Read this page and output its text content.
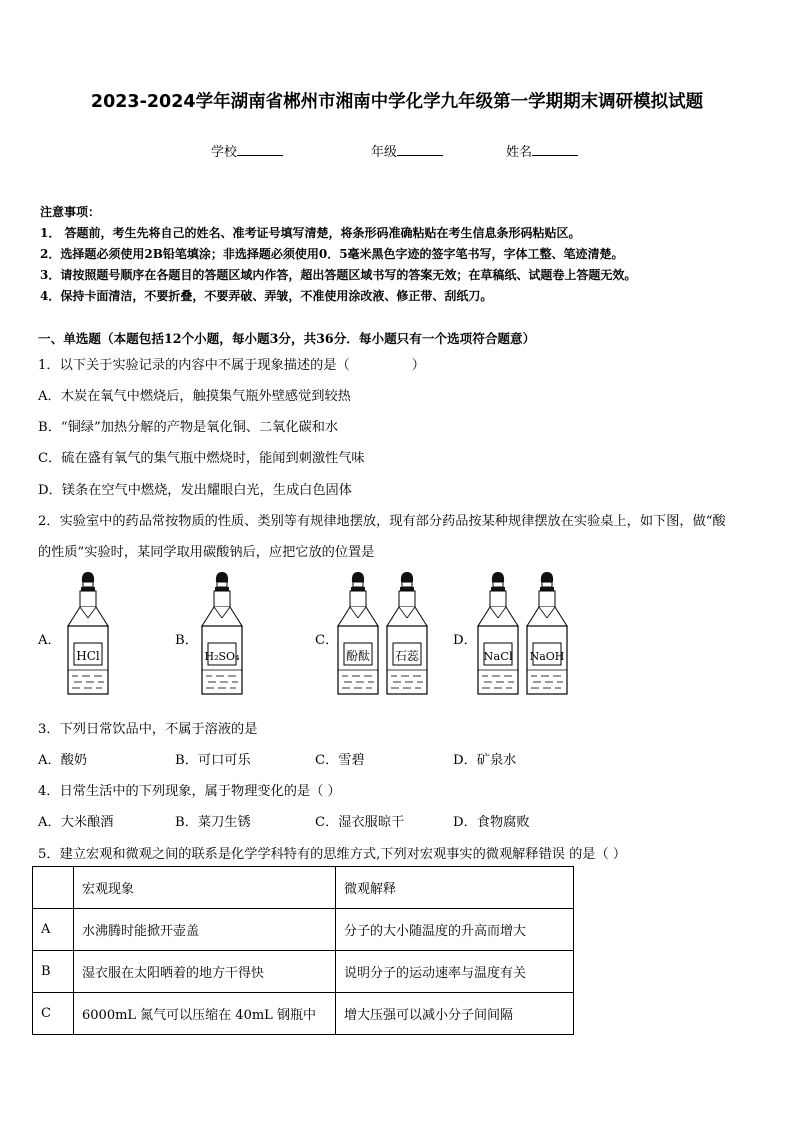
2023-2024学年湖南省郴州市湘南中学化学九年级第一学期期末调研模拟试题
学校	年级	姓名
注意事项：
1． 答题前，考生先将自己的姓名、准考证号填写清楚，将条形码准确粘贴在考生信息条形码粘贴区。
2．选择题必须使用2B铅笔填涂；非选择题必须使用0．5毫米黑色字迹的签字笔书写，字体工整、笔迹清楚。
3．请按照题号顺序在各题目的答题区域内作答，超出答题区域书写的答案无效；在草稿纸、试题卷上答题无效。
4．保持卡面清洁，不要折叠，不要弄破、弄皱，不准使用涂改液、修正带、刮纸刀。
一、单选题（本题包括12个小题，每小题3分，共36分．每小题只有一个选项符合题意）
1．以下关于实验记录的内容中不属于现象描述的是（	）
A．木炭在氧气中燃烧后，触摸集气瓶外壁感觉到较热
B．“铜绿”加热分解的产物是氧化铜、二氧化碳和水
C．硫在盛有氧气的集气瓶中燃烧时，能闻到刺激性气味
D．镁条在空气中燃烧，发出耀眼白光，生成白色固体
2．实验室中的药品常按物质的性质、类别等有规律地摆放，现有部分药品按某种规律摆放在实验桌上，如下图，做“酸
的性质”实验时，某同学取用碳酸钠后，应把它放的位置是
A．	B．	C．	D．
HCl	H₂SO₄	酚酞 石蕊	NaCl NaOH
3．下列日常饮品中，不属于溶液的是
A．酸奶	B．可口可乐	C．雪碧	D．矿泉水
4．日常生活中的下列现象，属于物理变化的是（ ）
A．大米酿酒	B．菜刀生锈	C．湿衣服晾干	D．食物腐败
5．建立宏观和微观之间的联系是化学学科特有的思维方式,下列对宏观事实的微观解释错误 的是（ ）
	宏观现象	微观解释
A	水沸腾时能掀开壶盖	分子的大小随温度的升高而增大
B	湿衣服在太阳晒着的地方干得快	说明分子的运动速率与温度有关
C	6000mL 氮气可以压缩在 40mL 钢瓶中	增大压强可以减小分子间间隔
